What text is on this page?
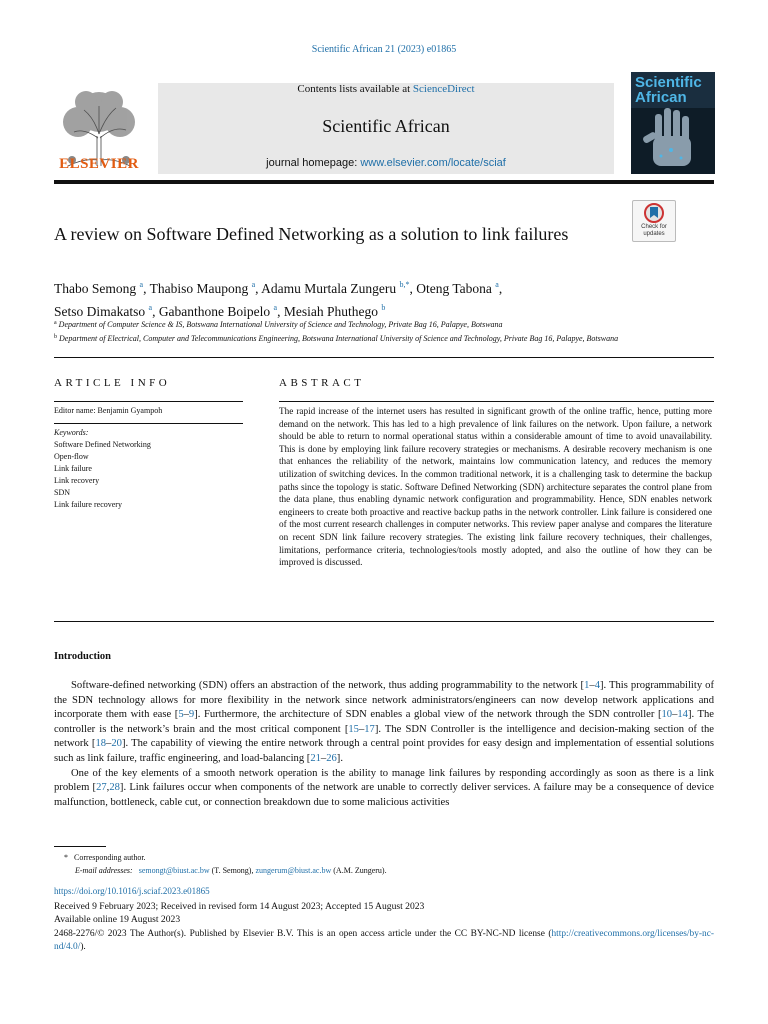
Scientific African 21 (2023) e01865
ELSEVIER
Contents lists available at ScienceDirect
Scientific African
journal homepage: www.elsevier.com/locate/sciaf
Scientific
African
Check for
updates
A review on Software Defined Networking as a solution to link failures
Thabo Semong $^a$, Thabiso Maupong $^a$, Adamu Murtala Zungeru $^{b,*}$, Oteng Tabona $^a$,
Setso Dimakatso $^a$, Gabanthone Boipelo $^a$, Mesiah Phuthego $^b$
$^a$ Department of Computer Science & IS, Botswana International University of Science and Technology, Private Bag 16, Palapye, Botswana
$^b$ Department of Electrical, Computer and Telecommunications Engineering, Botswana International University of Science and Technology, Private Bag 16, Palapye, Botswana
ARTICLE INFO
Editor name: Benjamin Gyampoh
Keywords:
Software Defined Networking
Open-flow
Link failure
Link recovery
SDN
Link failure recovery
ABSTRACT
The rapid increase of the internet users has resulted in significant growth of the online traffic, hence, putting more demand on the network. This has led to a high prevalence of link failures on the network. Upon failure, a network should be able to return to normal operational status within a considerable amount of time to avoid unavailability. This is done by employing link failure recovery strategies or mechanisms. A desirable recovery mechanism is one that enhances the reliability of the network, maintains low communication latency, and reduces the memory utilization of switching devices. In the common traditional network, it is a challenging task to determine the backup paths since the topology is static. Software Defined Networking (SDN) architecture separates the control plane from the data plane, thus enabling dynamic network configuration and programmability. Hence, SDN enables network engineers to create both proactive and reactive backup paths in the network controller. Link failure is considered one of the most current research challenges in computer networks. This review paper analyse and compares the literature on recent SDN link failure recovery strategies. The existing link failure recovery techniques, their challenges, limitations, performance criteria, technologies/tools mostly adopted, and also the outline of how they can be improved is discussed.
Introduction

Software-defined networking (SDN) offers an abstraction of the network, thus adding programmability to the network [1–4]. This programmability of the SDN technology allows for more flexibility in the network since network administrators/engineers can now develop network applications and incorporate them with ease [5–9]. Furthermore, the architecture of SDN enables a global view of the network through the SDN controller [10–14]. The controller is the network’s brain and the most critical component [15–17]. The SDN Controller is the intelligence and decision-making section of the network [18–20]. The capability of viewing the entire network through a central point provides for easy design and implementation of essential solutions such as link failure, traffic engineering, and load-balancing [21–26].

One of the key elements of a smooth network operation is the ability to manage link failures by responding accordingly as soon as there is a link problem [27,28]. Link failures occur when components of the network are unable to correctly deliver services. A failure may be a consequence of device malfunction, bottleneck, cable cut, or connection breakdown due to some malicious activities

* Corresponding author.
E-mail addresses: semongt@biust.ac.bw (T. Semong), zungerum@biust.ac.bw (A.M. Zungeru).
https://doi.org/10.1016/j.sciaf.2023.e01865
Received 9 February 2023; Received in revised form 14 August 2023; Accepted 15 August 2023
Available online 19 August 2023
2468-2276/© 2023 The Author(s). Published by Elsevier B.V. This is an open access article under the CC BY-NC-ND license (http://creativecommons.org/licenses/by-nc-nd/4.0/).
